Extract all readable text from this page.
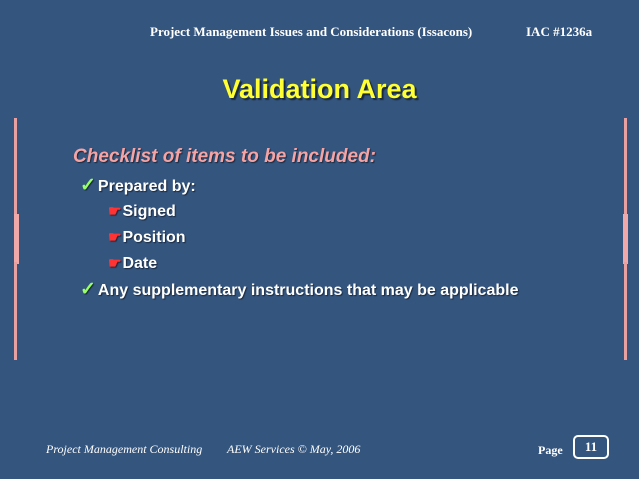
Project Management Issues and Considerations (Issacons)	IAC #1236a
Validation Area
Checklist of items to be included:
✓ Prepared by:
☛Signed
☛Position
☛Date
✓ Any supplementary instructions that may be applicable
Project Management Consulting AEW Services © May, 2006	Page	11
